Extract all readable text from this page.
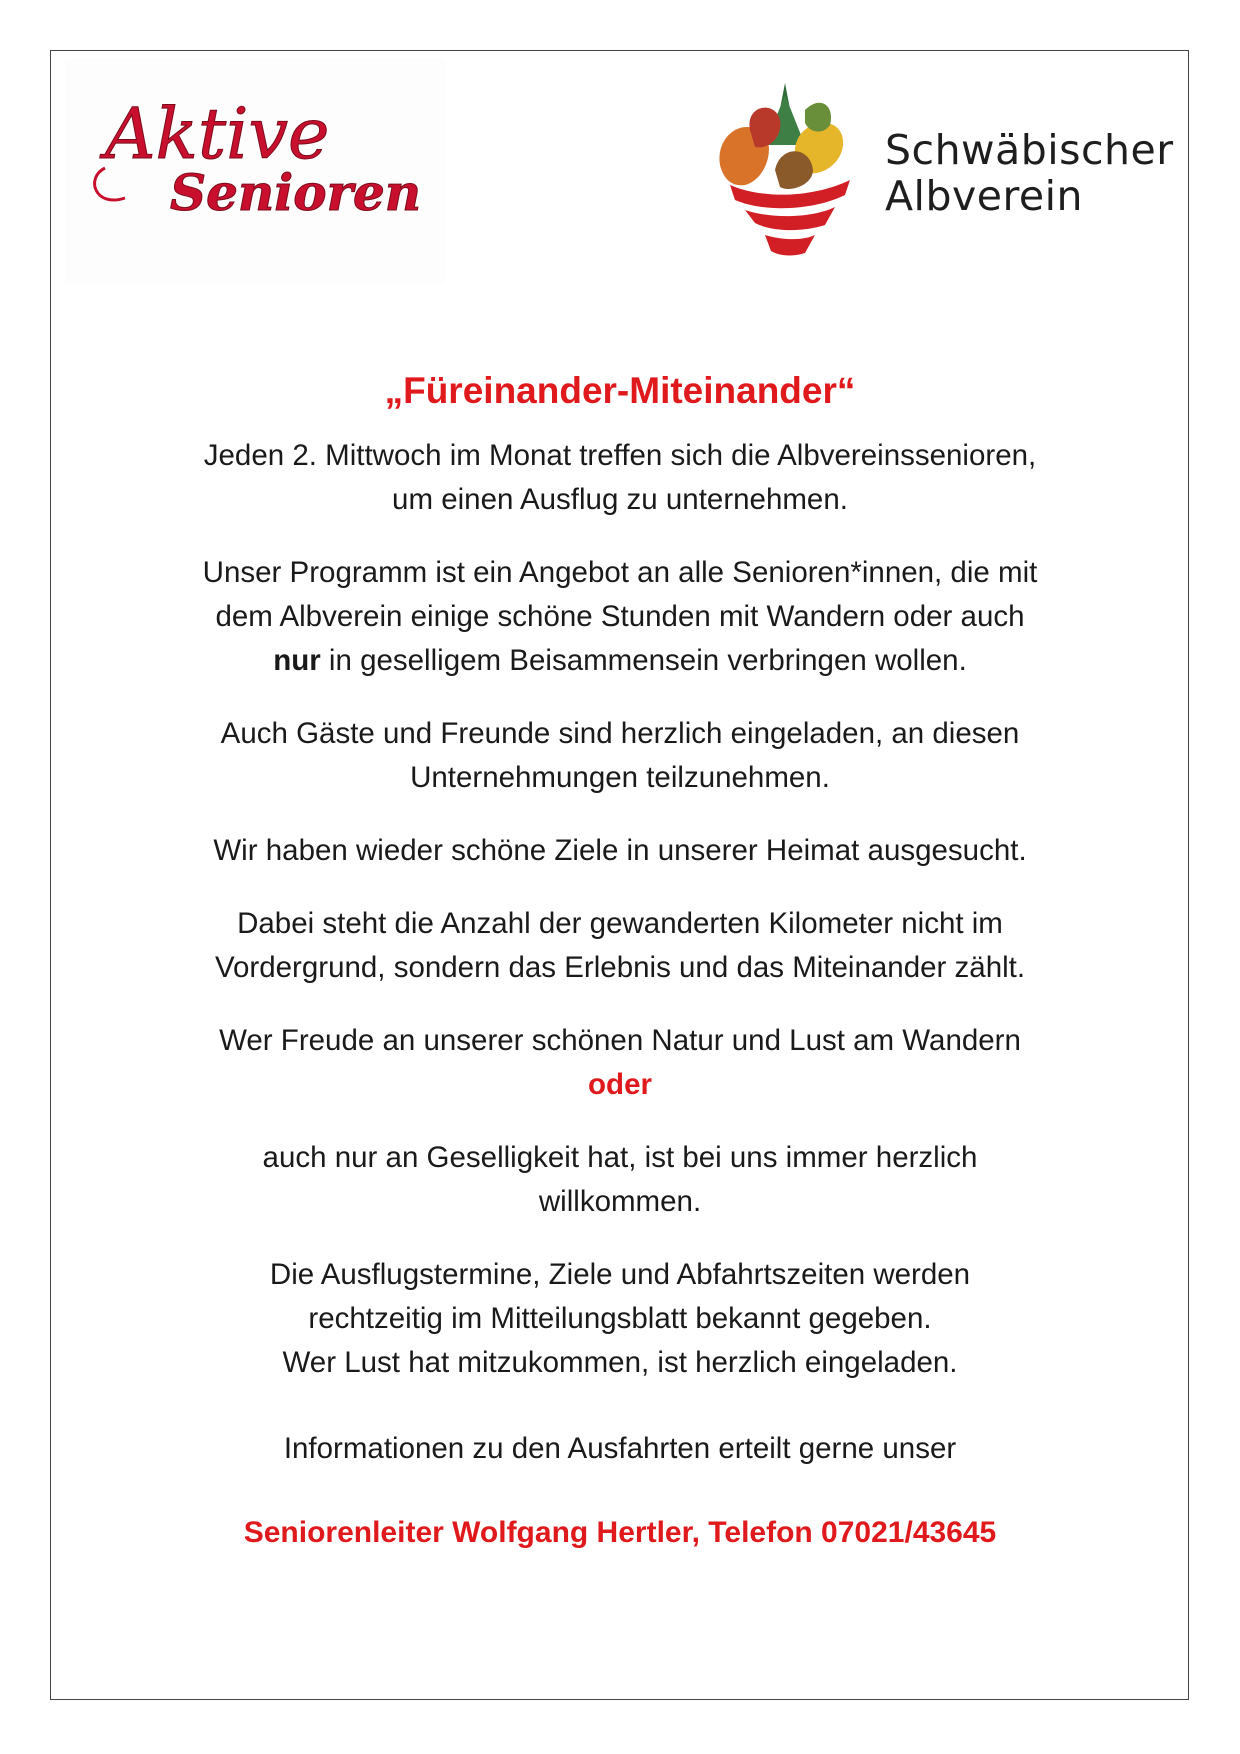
Aktive
Senioren
Schwäbischer
Albverein
„Füreinander-Miteinander“
Jeden 2. Mittwoch im Monat treffen sich die Albvereinssenioren,
um einen Ausflug zu unternehmen.
Unser Programm ist ein Angebot an alle Senioren*innen, die mit
dem Albverein einige schöne Stunden mit Wandern oder auch
nur in geselligem Beisammensein verbringen wollen.
Auch Gäste und Freunde sind herzlich eingeladen, an diesen
Unternehmungen teilzunehmen.
Wir haben wieder schöne Ziele in unserer Heimat ausgesucht.
Dabei steht die Anzahl der gewanderten Kilometer nicht im
Vordergrund, sondern das Erlebnis und das Miteinander zählt.
Wer Freude an unserer schönen Natur und Lust am Wandern
oder
auch nur an Geselligkeit hat, ist bei uns immer herzlich
willkommen.
Die Ausflugstermine, Ziele und Abfahrtszeiten werden
rechtzeitig im Mitteilungsblatt bekannt gegeben.
Wer Lust hat mitzukommen, ist herzlich eingeladen.
Informationen zu den Ausfahrten erteilt gerne unser
Seniorenleiter Wolfgang Hertler, Telefon 07021/43645
